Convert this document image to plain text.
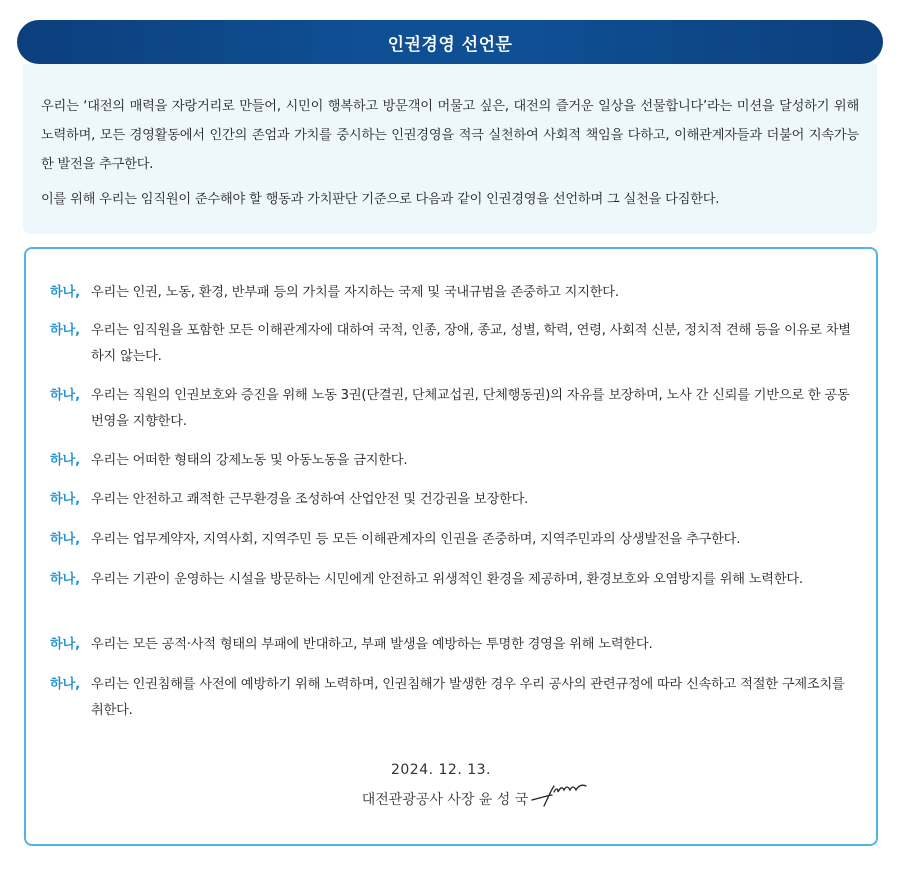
인권경영 선언문

우리는 ‘대전의 매력을 자랑거리로 만들어, 시민이 행복하고 방문객이 머물고 싶은, 대전의 즐거운 일상을 선물합니다’라는 미션을 달성하기 위해 노력하며, 모든 경영활동에서 인간의 존엄과 가치를 중시하는 인권경영을 적극 실천하여 사회적 책임을 다하고, 이해관계자들과 더불어 지속가능한 발전을 추구한다.

이를 위해 우리는 임직원이 준수해야 할 행동과 가치판단 기준으로 다음과 같이 인권경영을 선언하며 그 실천을 다짐한다.

하나, 우리는 인권, 노동, 환경, 반부패 등의 가치를 자지하는 국제 및 국내규범을 존중하고 지지한다.
하나, 우리는 임직원을 포함한 모든 이해관계자에 대하여 국적, 인종, 장애, 종교, 성별, 학력, 연령, 사회적 신분, 정치적 견해 등을 이유로 차별하지 않는다.
하나, 우리는 직원의 인권보호와 증진을 위해 노동 3권(단결권, 단체교섭권, 단체행동권)의 자유를 보장하며, 노사 간 신뢰를 기반으로 한 공동 번영을 지향한다.
하나, 우리는 어떠한 형태의 강제노동 및 아동노동을 금지한다.
하나, 우리는 안전하고 쾌적한 근무환경을 조성하여 산업안전 및 건강권을 보장한다.
하나, 우리는 업무계약자, 지역사회, 지역주민 등 모든 이해관계자의 인권을 존중하며, 지역주민과의 상생발전을 추구한다.
하나, 우리는 기관이 운영하는 시설을 방문하는 시민에게 안전하고 위생적인 환경을 제공하며, 환경보호와 오염방지를 위해 노력한다.
하나, 우리는 모든 공적·사적 형태의 부패에 반대하고, 부패 발생을 예방하는 투명한 경영을 위해 노력한다.
하나, 우리는 인권침해를 사전에 예방하기 위해 노력하며, 인권침해가 발생한 경우 우리 공사의 관련규정에 따라 신속하고 적절한 구제조치를 취한다.
2024. 12. 13.
대전관광공사 사장 윤 성 국
